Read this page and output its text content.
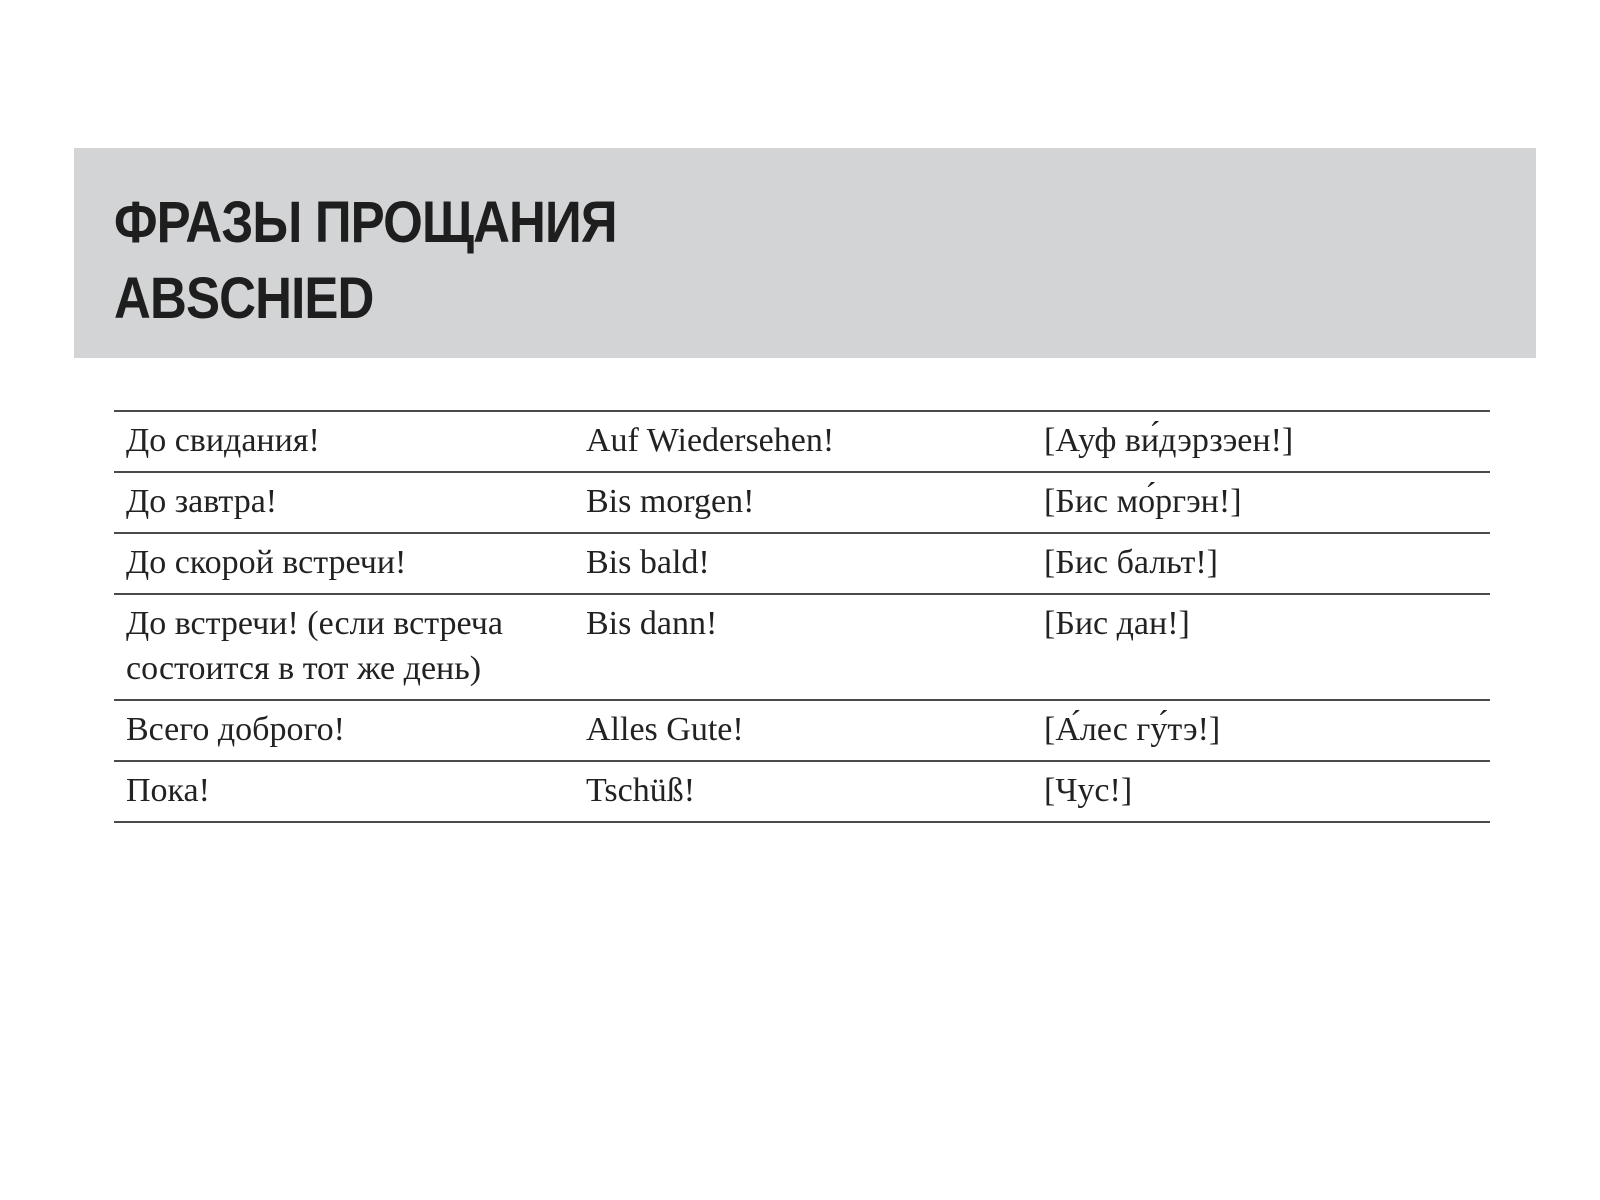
ФРАЗЫ ПРОЩАНИЯ
ABSCHIED
До свидания!	Auf Wiedersehen!	[Ауф ви́дэрзэен!]
До завтра!	Bis morgen!	[Бис мо́ргэн!]
До скорой встречи!	Bis bald!	[Бис бальт!]
До встречи! (если встреча состоится в тот же день)	Bis dann!	[Бис дан!]
Всего доброго!	Alles Gute!	[А́лес гу́тэ!]
Пока!	Tschüß!	[Чус!]
